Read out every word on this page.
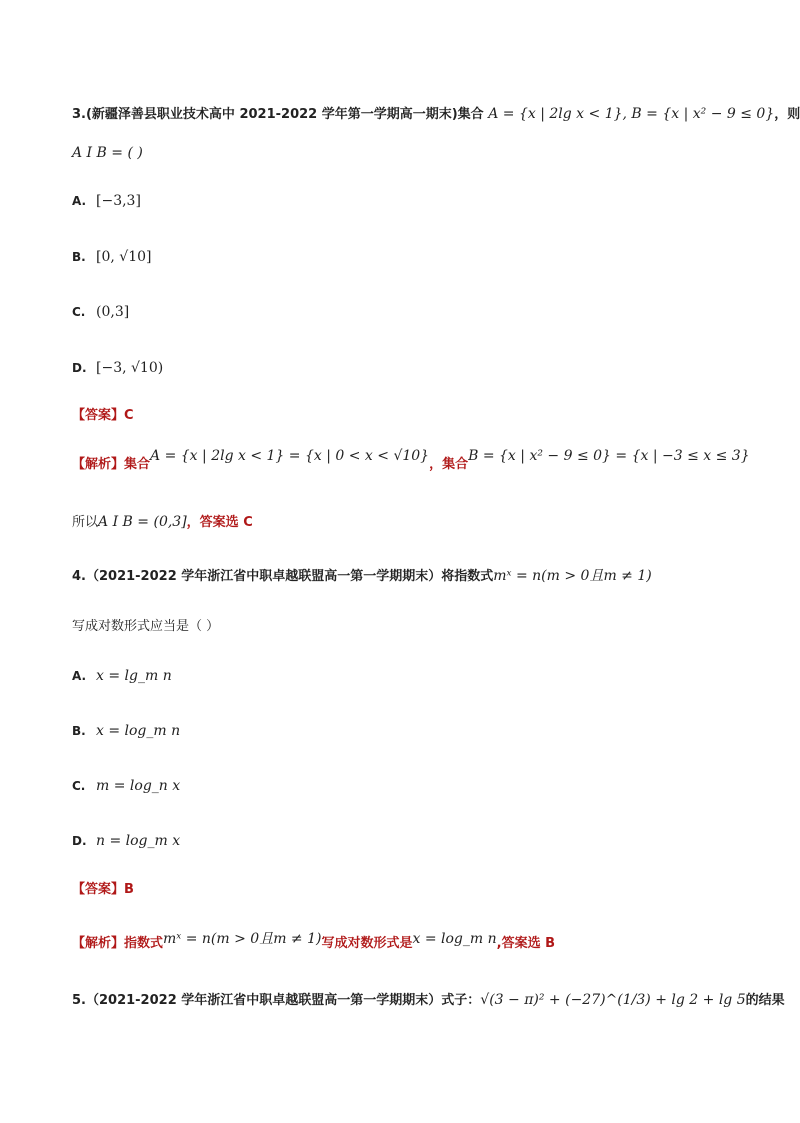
3.(新疆泽善县职业技术高中 2021-2022 学年第一学期高一期末)集合 A = {x | 2lg x < 1}, B = {x | x² − 9 ≤ 0}，则
A I B = ( )
A. [−3,3]
B. [0, √10]
C. (0,3]
D. [−3, √10)
【答案】C
【解析】集合A = {x | 2lg x < 1} = {x | 0 < x < √10}，集合B = {x | x² − 9 ≤ 0} = {x | −3 ≤ x ≤ 3}
所以A I B = (0,3]，答案选 C
4.（2021-2022 学年浙江省中职卓越联盟高一第一学期期末）将指数式mˣ = n(m > 0且m ≠ 1)
写成对数形式应当是（ ）
A. x = lg_m n
B. x = log_m n
C. m = log_n x
D. n = log_m x
【答案】B
【解析】指数式mˣ = n(m > 0且m ≠ 1)写成对数形式是x = log_m n,答案选 B
5.（2021-2022 学年浙江省中职卓越联盟高一第一学期期末）式子：√(3 − π)² + (−27)^(1/3) + lg 2 + lg 5的结果
